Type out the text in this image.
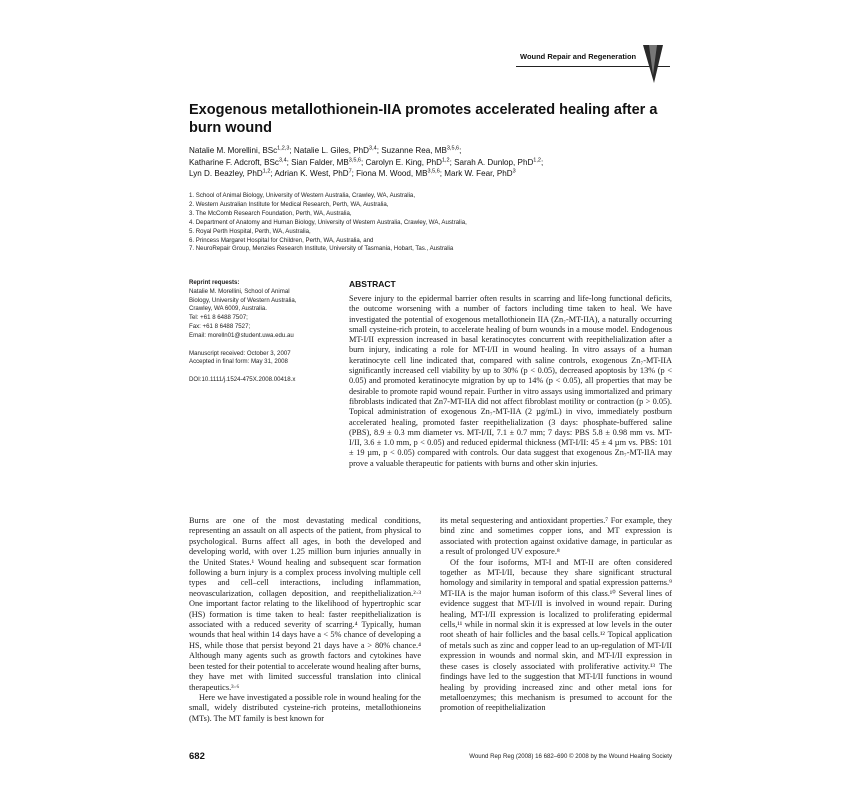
Wound Repair and Regeneration
Exogenous metallothionein-IIA promotes accelerated healing after a burn wound
Natalie M. Morellini, BSc$^{1,2,3}$; Natalie L. Giles, PhD$^{3,4}$; Suzanne Rea, MB$^{3,5,6}$;
Katharine F. Adcroft, BSc$^{3,4}$; Sian Falder, MB$^{3,5,6}$; Carolyn E. King, PhD$^{1,2}$; Sarah A. Dunlop, PhD$^{1,2}$;
Lyn D. Beazley, PhD$^{1,2}$; Adrian K. West, PhD$^7$; Fiona M. Wood, MB$^{3,5,6}$; Mark W. Fear, PhD$^3$
1. School of Animal Biology, University of Western Australia, Crawley, WA, Australia,
2. Western Australian Institute for Medical Research, Perth, WA, Australia,
3. The McComb Research Foundation, Perth, WA, Australia,
4. Department of Anatomy and Human Biology, University of Western Australia, Crawley, WA, Australia,
5. Royal Perth Hospital, Perth, WA, Australia,
6. Princess Margaret Hospital for Children, Perth, WA, Australia, and
7. NeuroRepair Group, Menzies Research Institute, University of Tasmania, Hobart, Tas., Australia
Reprint requests:
Natalie M. Morellini, School of Animal
Biology, University of Western Australia,
Crawley, WA 6009, Australia.
Tel: +61 8 6488 7507;
Fax: +61 8 6488 7527;
Email: morelln01@student.uwa.edu.au
Manuscript received: October 3, 2007
Accepted in final form: May 31, 2008
DOI:10.1111/j.1524-475X.2008.00418.x
ABSTRACT
Severe injury to the epidermal barrier often results in scarring and life-long functional deficits, the outcome worsening with a number of factors including time taken to heal. We have investigated the potential of exogenous metallothionein IIA (Zn₇-MT-IIA), a naturally occurring small cysteine-rich protein, to accelerate healing of burn wounds in a mouse model. Endogenous MT-I/II expression increased in basal keratinocytes concurrent with reepithelialization after a burn injury, indicating a role for MT-I/II in wound healing. In vitro assays of a human keratinocyte cell line indicated that, compared with saline controls, exogenous Zn₇-MT-IIA significantly increased cell viability by up to 30% (p < 0.05), decreased apoptosis by 13% (p < 0.05) and promoted keratinocyte migration by up to 14% (p < 0.05), all properties that may be desirable to promote rapid wound repair. Further in vitro assays using immortalized and primary fibroblasts indicated that Zn7-MT-IIA did not affect fibroblast motility or contraction (p > 0.05). Topical administration of exogenous Zn₇-MT-IIA (2 µg/mL) in vivo, immediately postburn accelerated healing, promoted faster reepithelialization (3 days: phosphate-buffered saline (PBS), 8.9 ± 0.3 mm diameter vs. MT-I/II, 7.1 ± 0.7 mm; 7 days: PBS 5.8 ± 0.98 mm vs. MT-I/II, 3.6 ± 1.0 mm, p < 0.05) and reduced epidermal thickness (MT-I/II: 45 ± 4 µm vs. PBS: 101 ± 19 µm, p < 0.05) compared with controls. Our data suggest that exogenous Zn₇-MT-IIA may prove a valuable therapeutic for patients with burns and other skin injuries.

Burns are one of the most devastating medical conditions, representing an assault on all aspects of the patient, from physical to psychological. Burns affect all ages, in both the developed and developing world, with over 1.25 million burn injuries annually in the United States.¹ Wound healing and subsequent scar formation following a burn injury is a complex process involving multiple cell types and cell–cell interactions, including inflammation, neovascularization, collagen deposition, and reepithelialization.²·³ One important factor relating to the likelihood of hypertrophic scar (HS) formation is time taken to heal: faster reepithelialization is associated with a reduced severity of scarring.⁴ Typically, human wounds that heal within 14 days have a < 5% chance of developing a HS, while those that persist beyond 21 days have a > 80% chance.⁴ Although many agents such as growth factors and cytokines have been tested for their potential to accelerate wound healing after burns, they have met with limited successful translation into clinical therapeutics.³·⁶

Here we have investigated a possible role in wound healing for the small, widely distributed cysteine-rich proteins, metallothioneins (MTs). The MT family is best known for

its metal sequestering and antioxidant properties.⁷ For example, they bind zinc and sometimes copper ions, and MT expression is associated with protection against oxidative damage, in particular as a result of prolonged UV exposure.⁸

Of the four isoforms, MT-I and MT-II are often considered together as MT-I/II, because they share significant structural homology and similarity in temporal and spatial expression patterns.⁹ MT-IIA is the major human isoform of this class.¹⁰ Several lines of evidence suggest that MT-I/II is involved in wound repair. During healing, MT-I/II expression is localized to proliferating epidermal cells,¹¹ while in normal skin it is expressed at low levels in the outer root sheath of hair follicles and the basal cells.¹² Topical application of metals such as zinc and copper lead to an up-regulation of MT-I/II expression in wounds and normal skin, and MT-I/II expression in these cases is closely associated with proliferative activity.¹³ The findings have led to the suggestion that MT-I/II functions in wound healing by providing increased zinc and other metal ions for metalloenzymes; this mechanism is presumed to account for the promotion of reepithelialization

682	Wound Rep Reg (2008) 16 682–690 © 2008 by the Wound Healing Society
